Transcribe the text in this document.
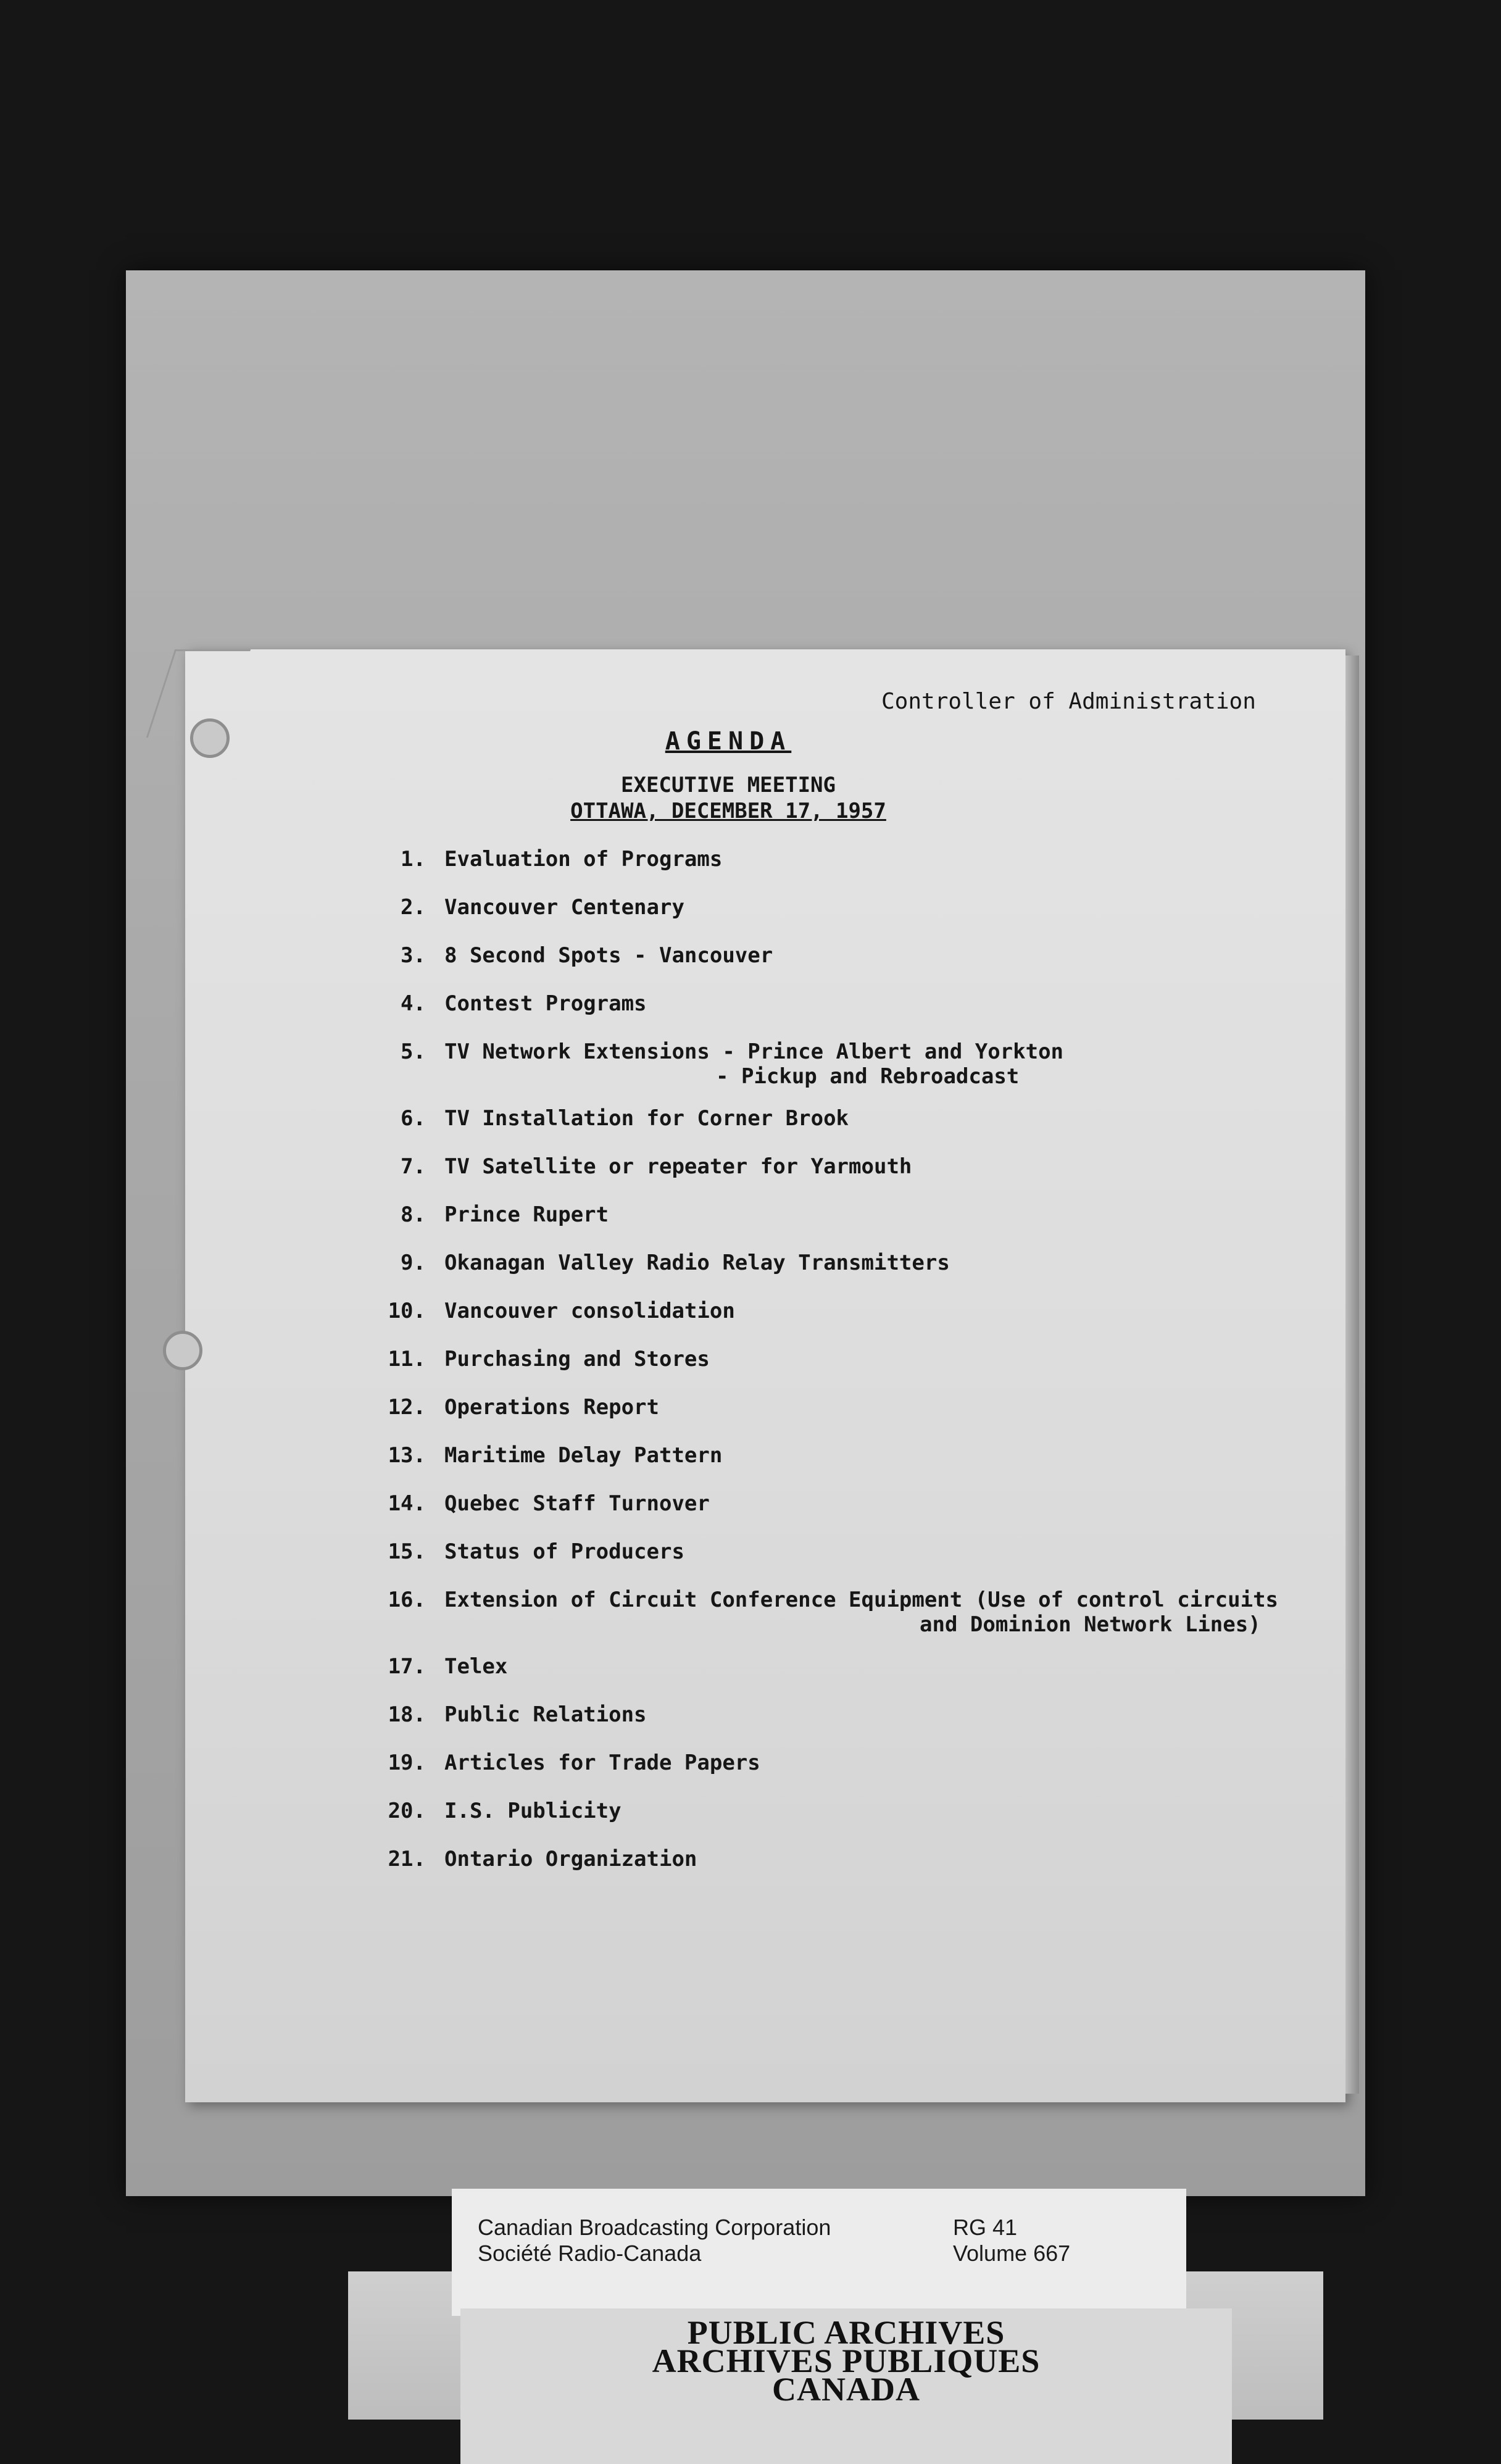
Controller of Administration
AGENDA
EXECUTIVE MEETING
OTTAWA, DECEMBER 17, 1957
1. Evaluation of Programs
2. Vancouver Centenary
3. 8 Second Spots - Vancouver
4. Contest Programs
5. TV Network Extensions - Prince Albert and Yorkton
- Pickup and Rebroadcast
6. TV Installation for Corner Brook
7. TV Satellite or repeater for Yarmouth
8. Prince Rupert
9. Okanagan Valley Radio Relay Transmitters
10. Vancouver consolidation
11. Purchasing and Stores
12. Operations Report
13. Maritime Delay Pattern
14. Quebec Staff Turnover
15. Status of Producers
16. Extension of Circuit Conference Equipment (Use of control circuits
and Dominion Network Lines)
17. Telex
18. Public Relations
19. Articles for Trade Papers
20. I.S. Publicity
21. Ontario Organization
Canadian Broadcasting Corporation
Société Radio-Canada
RG 41
Volume 667
PUBLIC ARCHIVES
ARCHIVES PUBLIQUES
CANADA
